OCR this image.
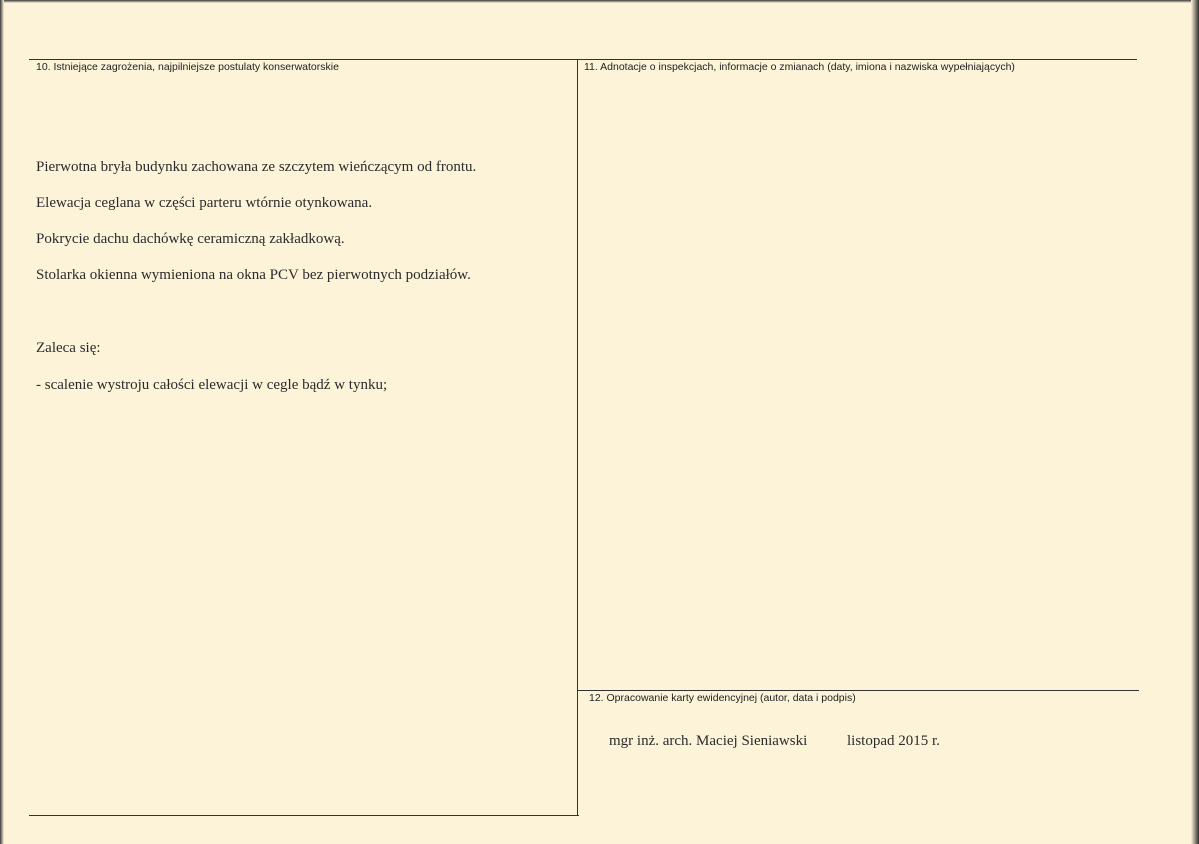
10. Istniejące zagrożenia, najpilniejsze postulaty konserwatorskie
Pierwotna bryła budynku zachowana ze szczytem wieńczącym od frontu.
Elewacja ceglana w części parteru wtórnie otynkowana.
Pokrycie dachu dachówkę ceramiczną zakładkową.
Stolarka okienna wymieniona na okna PCV bez pierwotnych podziałów.
Zaleca się:
- scalenie wystroju całości elewacji w cegle bądź w tynku;
11. Adnotacje o inspekcjach, informacje o zmianach (daty, imiona i nazwiska wypełniających)
12. Opracowanie karty ewidencyjnej (autor, data i podpis)
mgr inż. arch. Maciej Sieniawski	listopad 2015 r.
